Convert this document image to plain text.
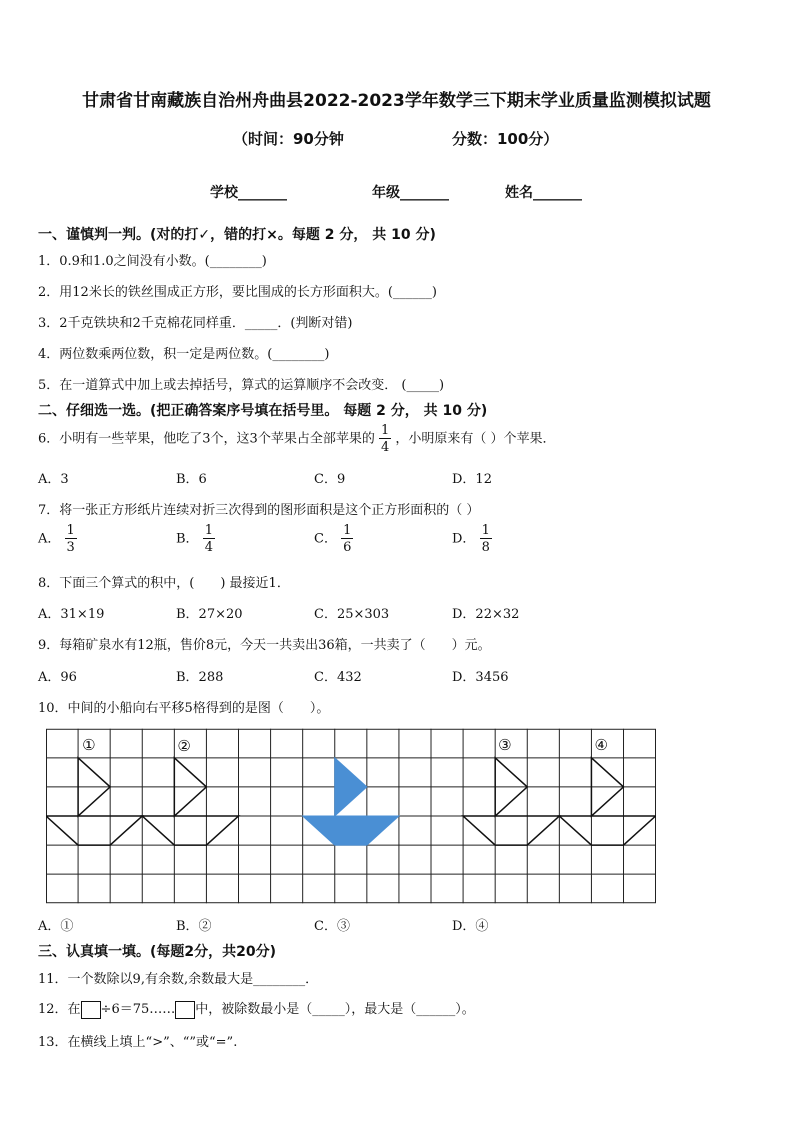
甘肃省甘南藏族自治州舟曲县2022-2023学年数学三下期末学业质量监测模拟试题
（时间：90分钟	分数：100分）
学校_______	年级_______	姓名_______
一、谨慎判一判。(对的打✓，错的打×。每题 2 分， 共 10 分)
1．0.9和1.0之间没有小数。(________)
2．用12米长的铁丝围成正方形，要比围成的长方形面积大。(______)
3．2千克铁块和2千克棉花同样重．_____．(判断对错)
4．两位数乘两位数，积一定是两位数。(________)
5．在一道算式中加上或去掉括号，算式的运算顺序不会改变． (_____)
二、仔细选一选。(把正确答案序号填在括号里。 每题 2 分， 共 10 分)
6．小明有一些苹果，他吃了3个，这3个苹果占全部苹果的 $\frac{1}{4}$ ，小明原来有（ ）个苹果．
A．3	B．6	C．9	D．12
7．将一张正方形纸片连续对折三次得到的图形面积是这个正方形面积的（ ）
A． $\frac{1}{3}$	B． $\frac{1}{4}$	C． $\frac{1}{6}$	D． $\frac{1}{8}$
8．下面三个算式的积中，(　　) 最接近1．
A．31×19	B．27×20	C．25×303	D．22×32
9．每箱矿泉水有12瓶，售价8元，今天一共卖出36箱，一共卖了（　　）元。
A．96	B．288	C．432	D．3456
10．中间的小船向右平移5格得到的是图（　　）。
①	②	③	④
A．①	B．②	C．③	D．④
三、认真填一填。(每题2分，共20分)
11．一个数除以9,有余数,余数最大是________．
12．在 ÷6＝75…… 中，被除数最小是（_____），最大是（______）。
13．在横线上填上“>”、“”或“=”.
